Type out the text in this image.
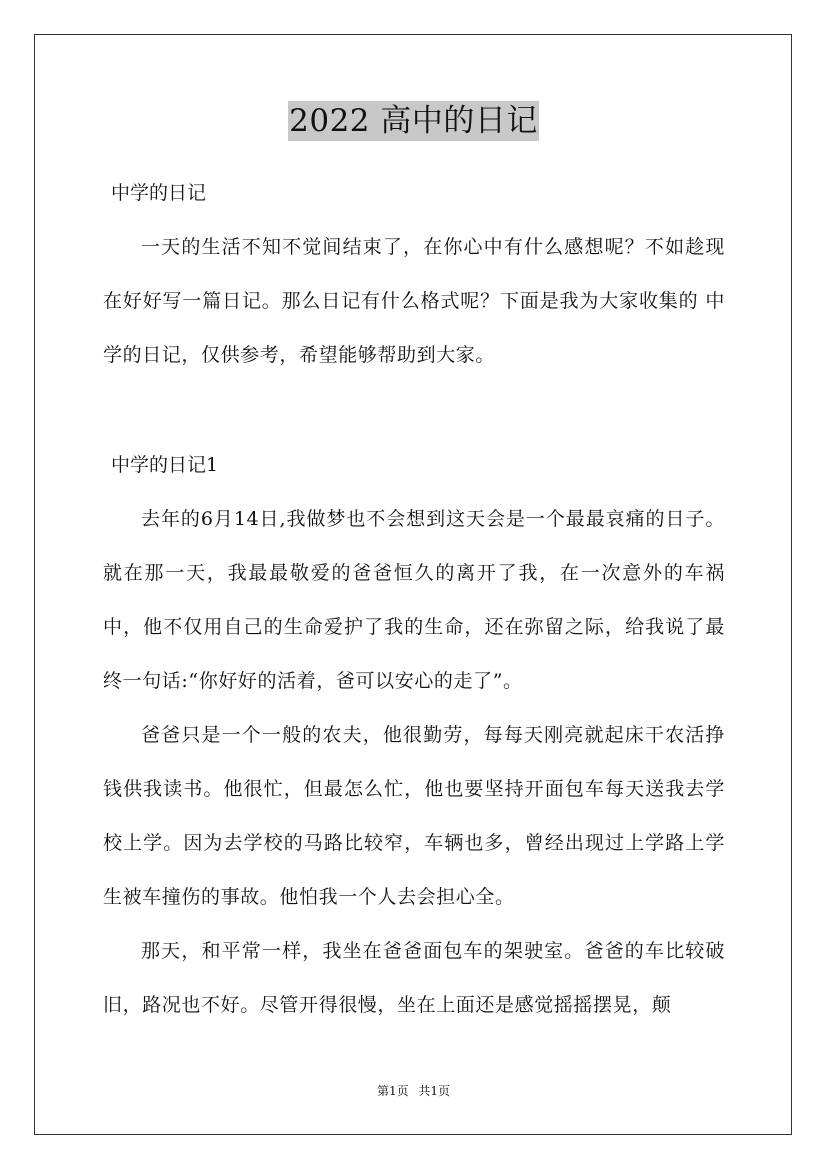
2022 高中的日记

中学的日记

一天的生活不知不觉间结束了，在你心中有什么感想呢？不如趁现在好好写一篇日记。那么日记有什么格式呢？下面是我为大家收集的 中学的日记，仅供参考，希望能够帮助到大家。

中学的日记1

去年的6月14日,我做梦也不会想到这天会是一个最最哀痛的日子。就在那一天，我最最敬爱的爸爸恒久的离开了我，在一次意外的车祸中，他不仅用自己的生命爱护了我的生命，还在弥留之际，给我说了最终一句话:“你好好的活着，爸可以安心的走了”。

爸爸只是一个一般的农夫，他很勤劳，每每天刚亮就起床干农活挣钱供我读书。他很忙，但最怎么忙，他也要坚持开面包车每天送我去学校上学。因为去学校的马路比较窄，车辆也多，曾经出现过上学路上学生被车撞伤的事故。他怕我一个人去会担心全。

那天，和平常一样，我坐在爸爸面包车的架驶室。爸爸的车比较破旧，路况也不好。尽管开得很慢，坐在上面还是感觉摇摇摆晃，颠

第1页 共1页
